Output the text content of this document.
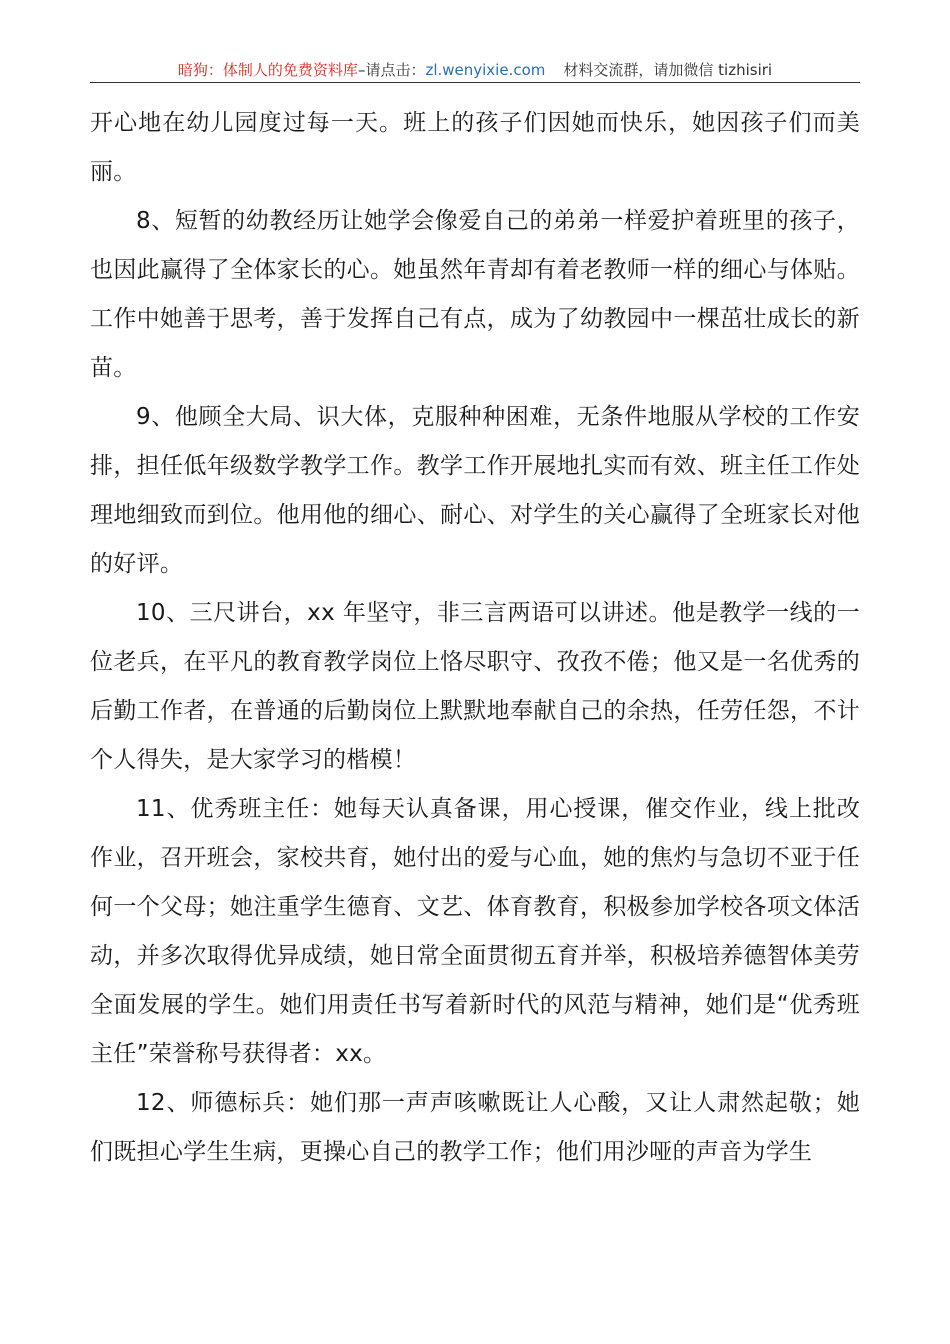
暗狗：体制人的免费资料库–请点击：zl.wenyixie.com 材料交流群，请加微信 tizhisiri

开心地在幼儿园度过每一天。班上的孩子们因她而快乐，她因孩子们而美丽。

8、短暂的幼教经历让她学会像爱自己的弟弟一样爱护着班里的孩子，也因此赢得了全体家长的心。她虽然年青却有着老教师一样的细心与体贴。工作中她善于思考，善于发挥自己有点，成为了幼教园中一棵茁壮成长的新苗。

9、他顾全大局、识大体，克服种种困难，无条件地服从学校的工作安排，担任低年级数学教学工作。教学工作开展地扎实而有效、班主任工作处理地细致而到位。他用他的细心、耐心、对学生的关心赢得了全班家长对他的好评。

10、三尺讲台，xx 年坚守，非三言两语可以讲述。他是教学一线的一位老兵，在平凡的教育教学岗位上恪尽职守、孜孜不倦；他又是一名优秀的后勤工作者，在普通的后勤岗位上默默地奉献自己的余热，任劳任怨，不计个人得失，是大家学习的楷模！

11、优秀班主任：她每天认真备课，用心授课，催交作业，线上批改作业，召开班会，家校共育，她付出的爱与心血，她的焦灼与急切不亚于任何一个父母；她注重学生德育、文艺、体育教育，积极参加学校各项文体活动，并多次取得优异成绩，她日常全面贯彻五育并举，积极培养德智体美劳全面发展的学生。她们用责任书写着新时代的风范与精神，她们是“优秀班主任”荣誉称号获得者：xx。

12、师德标兵：她们那一声声咳嗽既让人心酸，又让人肃然起敬；她们既担心学生生病，更操心自己的教学工作；他们用沙哑的声音为学生
